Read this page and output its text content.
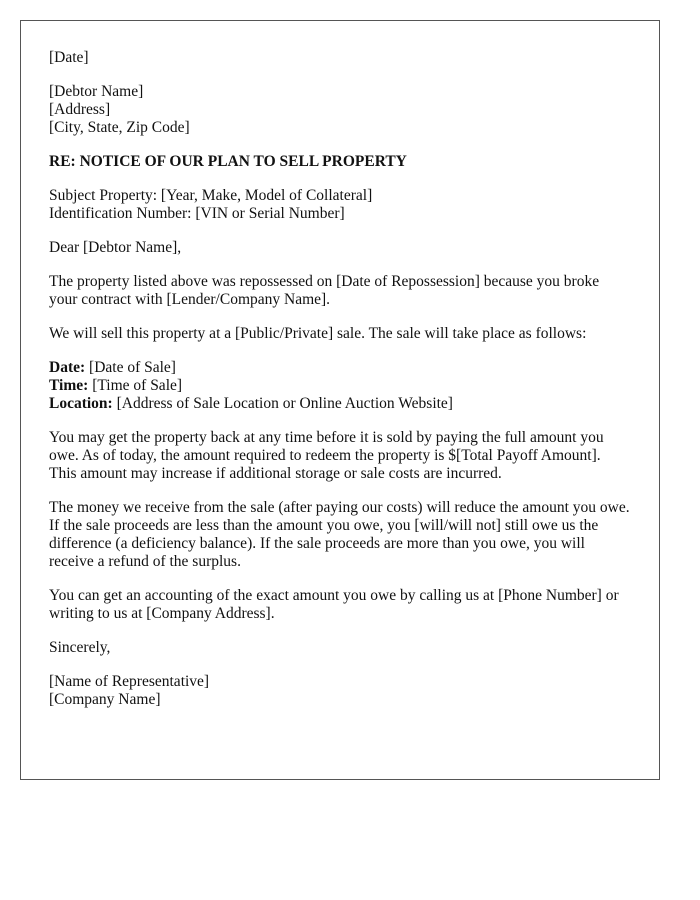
[Date]

[Debtor Name]
[Address]
[City, State, Zip Code]

RE: NOTICE OF OUR PLAN TO SELL PROPERTY

Subject Property: [Year, Make, Model of Collateral]
Identification Number: [VIN or Serial Number]

Dear [Debtor Name],

The property listed above was repossessed on [Date of Repossession] because you broke your contract with [Lender/Company Name].

We will sell this property at a [Public/Private] sale. The sale will take place as follows:

Date: [Date of Sale]
Time: [Time of Sale]
Location: [Address of Sale Location or Online Auction Website]

You may get the property back at any time before it is sold by paying the full amount you owe. As of today, the amount required to redeem the property is $[Total Payoff Amount]. This amount may increase if additional storage or sale costs are incurred.

The money we receive from the sale (after paying our costs) will reduce the amount you owe. If the sale proceeds are less than the amount you owe, you [will/will not] still owe us the difference (a deficiency balance). If the sale proceeds are more than you owe, you will receive a refund of the surplus.

You can get an accounting of the exact amount you owe by calling us at [Phone Number] or writing to us at [Company Address].

Sincerely,

[Name of Representative]
[Company Name]
